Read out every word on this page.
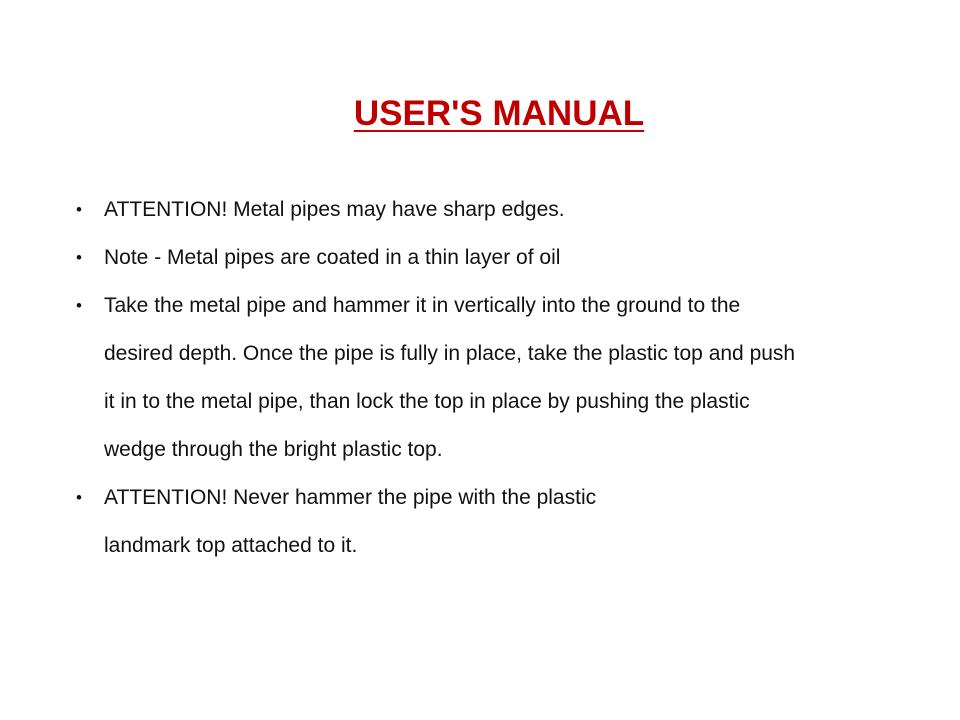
USER'S MANUAL
• ATTENTION! Metal pipes may have sharp edges.
• Note - Metal pipes are coated in a thin layer of oil
• Take the metal pipe and hammer it in vertically into the ground to the
desired depth. Once the pipe is fully in place, take the plastic top and push
it in to the metal pipe, than lock the top in place by pushing the plastic
wedge through the bright plastic top.
• ATTENTION! Never hammer the pipe with the plastic
landmark top attached to it.
